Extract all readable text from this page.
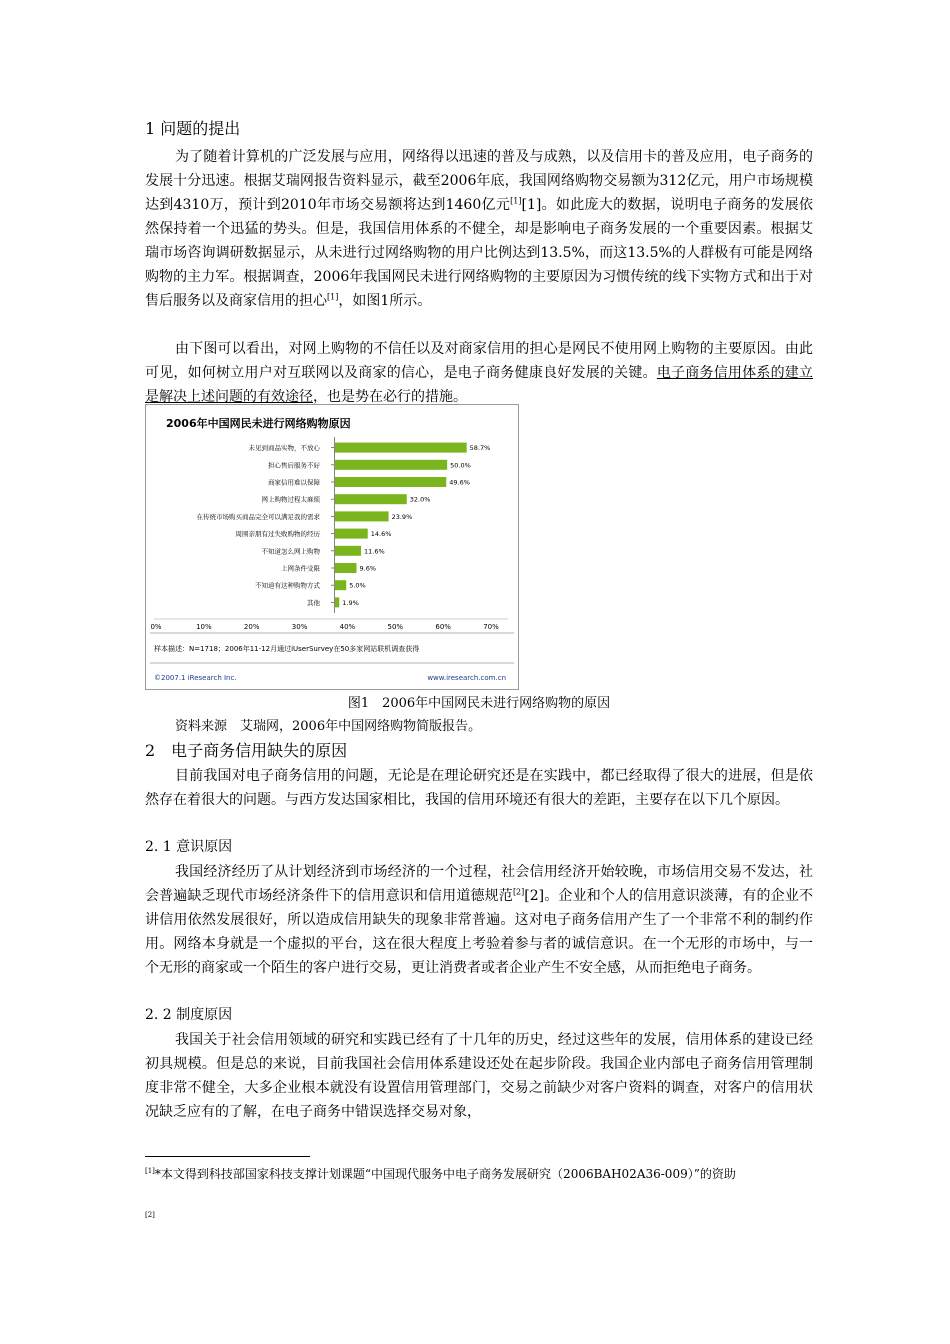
1 问题的提出

为了随着计算机的广泛发展与应用，网络得以迅速的普及与成熟，以及信用卡的普及应用，电子商务的发展十分迅速。根据艾瑞网报告资料显示，截至2006年底，我国网络购物交易额为312亿元，用户市场规模达到4310万，预计到2010年市场交易额将达到1460亿元[1][1]。如此庞大的数据，说明电子商务的发展依然保持着一个迅猛的势头。但是，我国信用体系的不健全，却是影响电子商务发展的一个重要因素。根据艾瑞市场咨询调研数据显示，从未进行过网络购物的用户比例达到13.5%，而这13.5%的人群极有可能是网络购物的主力军。根据调查，2006年我国网民未进行网络购物的主要原因为习惯传统的线下实物方式和出于对售后服务以及商家信用的担心[1]，如图1所示。

由下图可以看出，对网上购物的不信任以及对商家信用的担心是网民不使用网上购物的主要原因。由此可见，如何树立用户对互联网以及商家的信心，是电子商务健康良好发展的关键。电子商务信用体系的建立是解决上述问题的有效途径，也是势在必行的措施。

2006年中国网民未进行网络购物原因
样本描述：N=1718；2006年11-12月通过iUserSurvey在50多家网站联机调查获得
©2007.1 iResearch Inc.	www.iresearch.com.cn
未见到商品实物，不放心	58.7%
担心售后服务不好	50.0%
商家信用难以保障	49.6%
网上购物过程太麻烦	32.0%
在传统市场购买商品完全可以满足我的需求	23.9%
周围亲朋有过失败购物的经历	14.6%
不知道怎么网上购物	11.6%
上网条件受限	9.6%
不知道有这种购物方式	5.0%
其他	1.9%
0%	10%	20%	30%	40%	50%	60%	70%
图1　2006年中国网民未进行网络购物的原因
资料来源　艾瑞网，2006年中国网络购物简版报告。
2　电子商务信用缺失的原因

目前我国对电子商务信用的问题，无论是在理论研究还是在实践中，都已经取得了很大的进展，但是依然存在着很大的问题。与西方发达国家相比，我国的信用环境还有很大的差距，主要存在以下几个原因。

2. 1 意识原因

我国经济经历了从计划经济到市场经济的一个过程，社会信用经济开始较晚，市场信用交易不发达，社会普遍缺乏现代市场经济条件下的信用意识和信用道德规范[2][2]。企业和个人的信用意识淡薄，有的企业不讲信用依然发展很好，所以造成信用缺失的现象非常普遍。这对电子商务信用产生了一个非常不利的制约作用。网络本身就是一个虚拟的平台，这在很大程度上考验着参与者的诚信意识。在一个无形的市场中，与一个无形的商家或一个陌生的客户进行交易，更让消费者或者企业产生不安全感，从而拒绝电子商务。

2. 2 制度原因

我国关于社会信用领域的研究和实践已经有了十几年的历史，经过这些年的发展，信用体系的建设已经初具规模。但是总的来说，目前我国社会信用体系建设还处在起步阶段。我国企业内部电子商务信用管理制度非常不健全，大多企业根本就没有设置信用管理部门，交易之前缺少对客户资料的调查，对客户的信用状况缺乏应有的了解，在电子商务中错误选择交易对象，

[1]*本文得到科技部国家科技支撑计划课题“中国现代服务中电子商务发展研究（2006BAH02A36-009）”的资助
[2]
